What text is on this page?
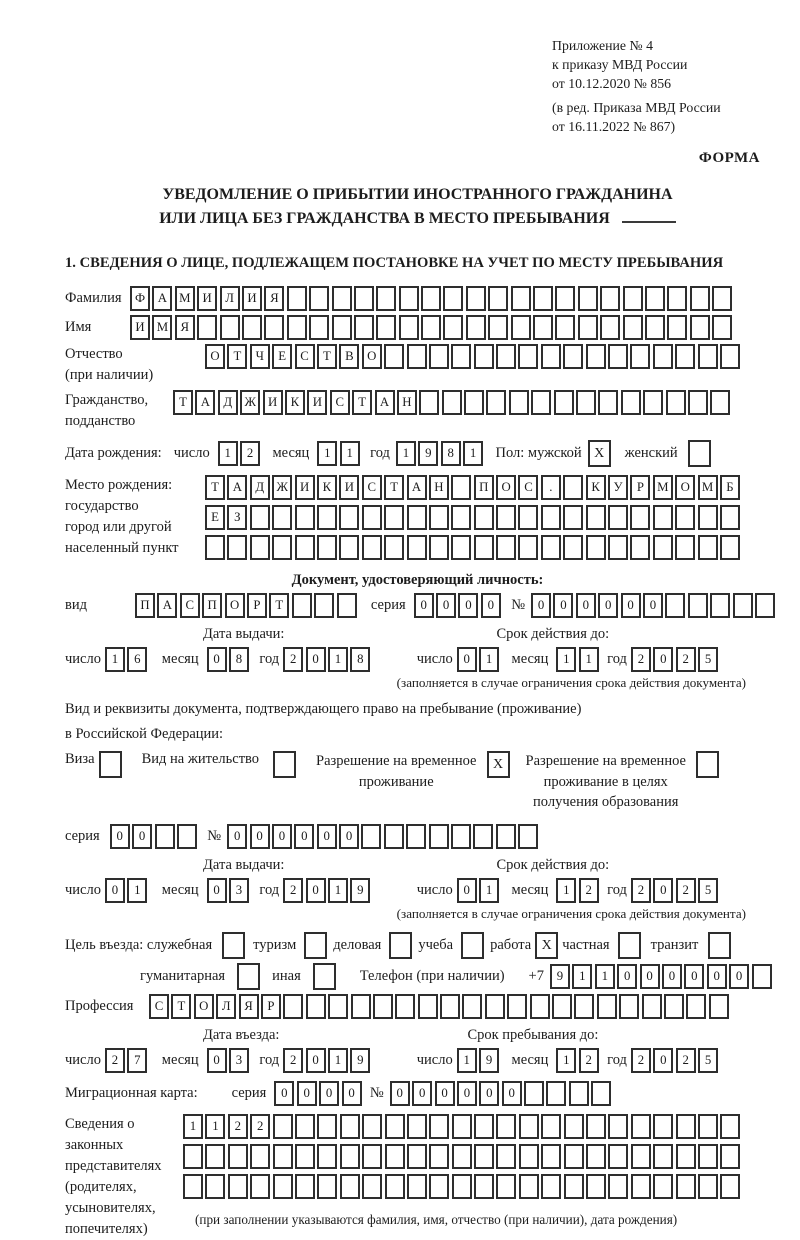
Приложение № 4
к приказу МВД России
от 10.12.2020 № 856
(в ред. Приказа МВД России
от 16.11.2022 № 867)
ФОРМА
УВЕДОМЛЕНИЕ О ПРИБЫТИИ ИНОСТРАННОГО ГРАЖДАНИНА
ИЛИ ЛИЦА БЕЗ ГРАЖДАНСТВА В МЕСТО ПРЕБЫВАНИЯ
1. СВЕДЕНИЯ О ЛИЦЕ, ПОДЛЕЖАЩЕМ ПОСТАНОВКЕ НА УЧЕТ ПО МЕСТУ ПРЕБЫВАНИЯ
Фамилия	Ф А М И	Л	И	Я
Имя	И М Я
Отчество
(при наличии)
О	Т	Ч	Е	С	Т	В	О
Гражданство,
подданство
Т	А	Д Ж И	К	И	С	Т	А	Н
Дата рождения: число	1	2	месяц	1	1	год 1	9	8	1	Пол: мужской X	женский
Место рождения:
государство
город или другой
населенный пункт
Т	А	Д Ж И	К	И	С	Т	А	Н	П	О	С	.	К	У	Р	М О М	Б
Е	З
Документ, удостоверяющий личность:
вид	П	А	С	П	О	Р	Т	серия	0	0	0	0	№ 0	0	0	0	0	0
Дата выдачи:	Срок действия до:
число 1	6	месяц	0	8	год 2	0	1	8	число 0	1	месяц	1	1	год 2	0	2	5
(заполняется в случае ограничения срока действия документа)
Вид и реквизиты документа, подтверждающего право на пребывание (проживание)
в Российской Федерации:
Виза	Вид на жительство	Разрешение на временное
проживание
X	Разрешение на временное
проживание в целях
получения образования
серия	0	0	№ 0	0	0	0	0	0
Дата выдачи:	Срок действия до:
число 0	1	месяц	0	3	год 2	0	1	9	число 0	1	месяц	1	2	год 2	0	2	5
(заполняется в случае ограничения срока действия документа)
Цель въезда: служебная	туризм	деловая	учеба	работа X частная	транзит
гуманитарная	иная	Телефон (при наличии) +7 9	1	1	0	0	0	0	0	0
Профессия	С	Т	О	Л	Я	Р
Дата въезда:	Срок пребывания до:
число 2	7	месяц	0	3	год 2	0	1	9	число 1	9	месяц	1	2	год 2	0	2	5
Миграционная карта: серия	0	0	0	0	№ 0	0	0	0	0	0
Сведения о
законных
представителях
(родителях,
усыновителях,
попечителях)
1	1	2	2
(при заполнении указываются фамилия, имя, отчество (при наличии), дата рождения)
